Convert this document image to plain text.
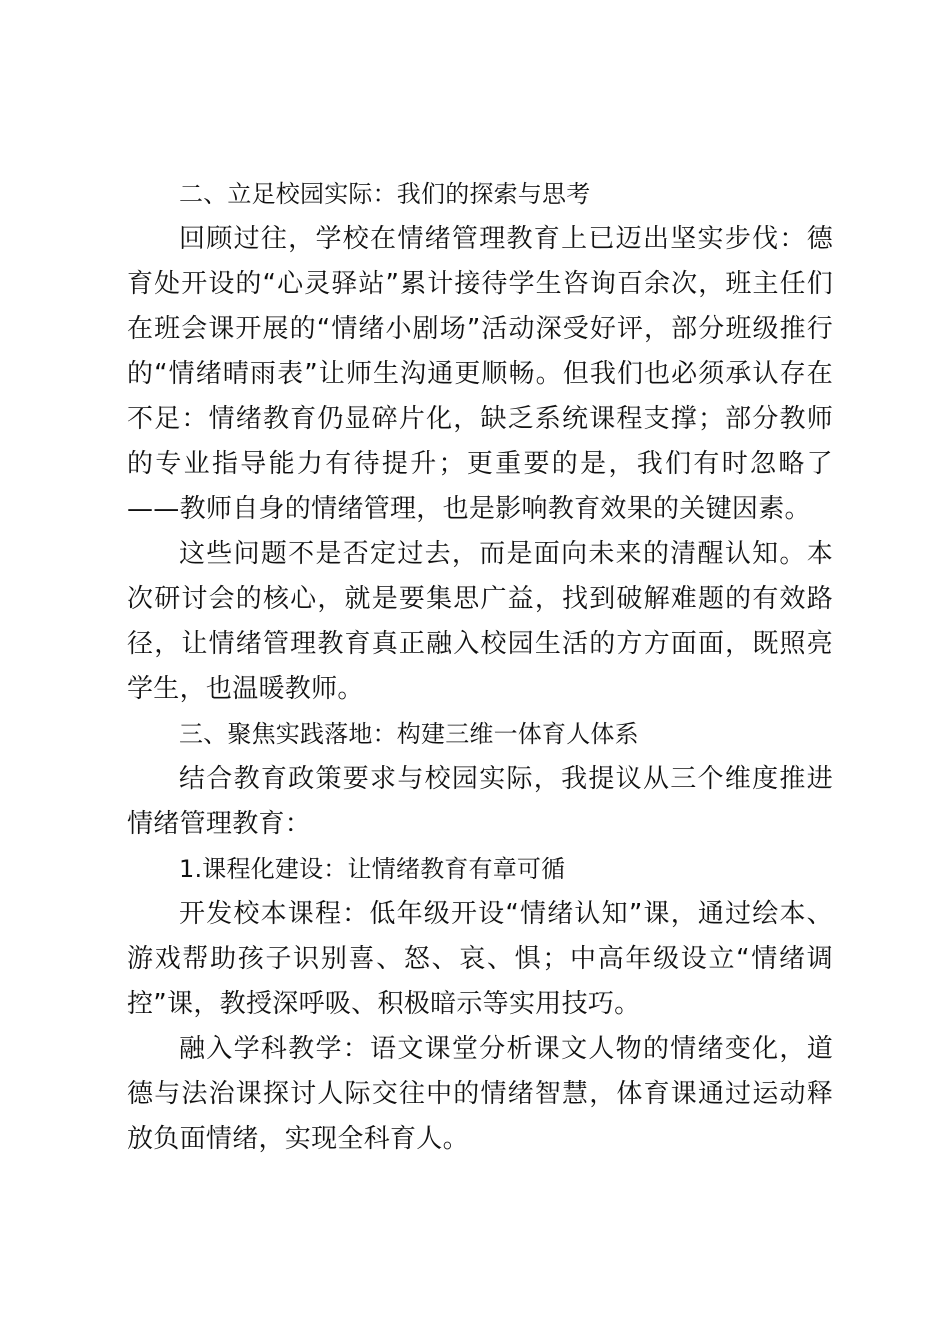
二、立足校园实际：我们的探索与思考

回顾过往，学校在情绪管理教育上已迈出坚实步伐：德育处开设的“心灵驿站”累计接待学生咨询百余次，班主任们在班会课开展的“情绪小剧场”活动深受好评，部分班级推行的“情绪晴雨表”让师生沟通更顺畅。但我们也必须承认存在不足：情绪教育仍显碎片化，缺乏系统课程支撑；部分教师的专业指导能力有待提升；更重要的是，我们有时忽略了——教师自身的情绪管理，也是影响教育效果的关键因素。

这些问题不是否定过去，而是面向未来的清醒认知。本次研讨会的核心，就是要集思广益，找到破解难题的有效路径，让情绪管理教育真正融入校园生活的方方面面，既照亮学生，也温暖教师。

三、聚焦实践落地：构建三维一体育人体系

结合教育政策要求与校园实际，我提议从三个维度推进情绪管理教育：

1.课程化建设：让情绪教育有章可循

开发校本课程：低年级开设“情绪认知”课，通过绘本、游戏帮助孩子识别喜、怒、哀、惧；中高年级设立“情绪调控”课，教授深呼吸、积极暗示等实用技巧。

融入学科教学：语文课堂分析课文人物的情绪变化，道德与法治课探讨人际交往中的情绪智慧，体育课通过运动释放负面情绪，实现全科育人。
